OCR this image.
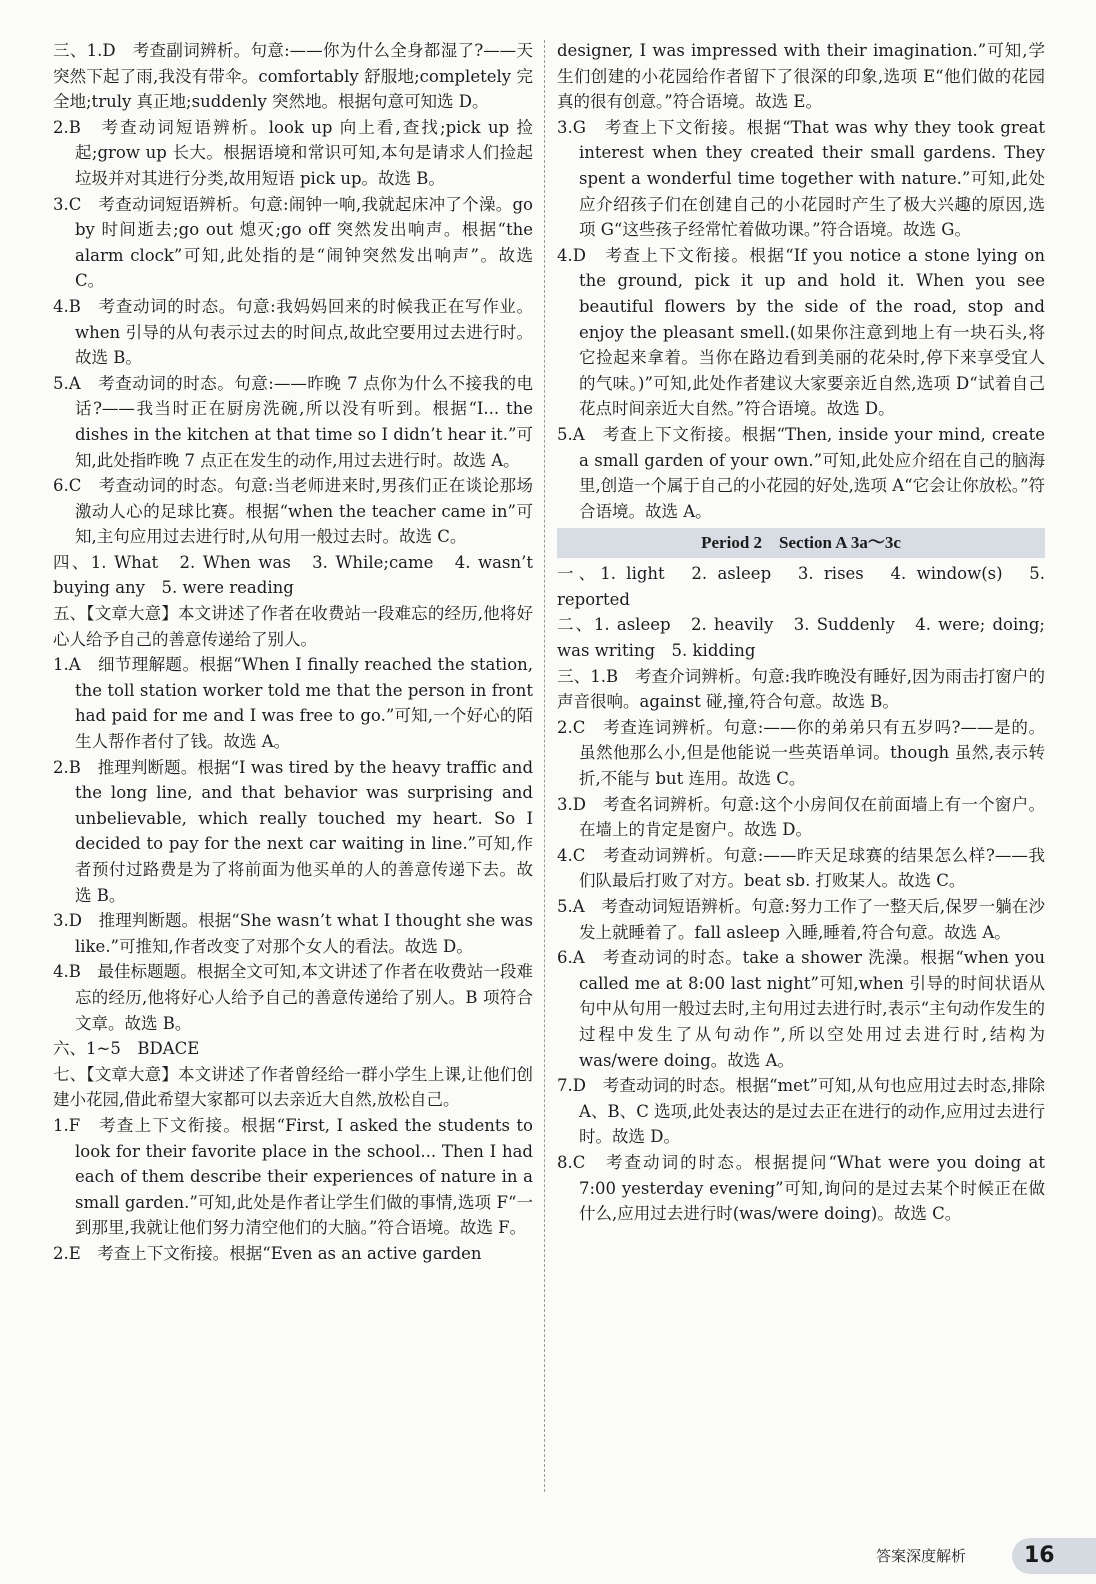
三、1.D　考查副词辨析。句意:——你为什么全身都湿了?——天突然下起了雨,我没有带伞。comfortably 舒服地;completely 完全地;truly 真正地;suddenly 突然地。根据句意可知选 D。

2.B　考查动词短语辨析。look up 向上看,查找;pick up 捡起;grow up 长大。根据语境和常识可知,本句是请求人们捡起垃圾并对其进行分类,故用短语 pick up。故选 B。

3.C　考查动词短语辨析。句意:闹钟一响,我就起床冲了个澡。go by 时间逝去;go out 熄灭;go off 突然发出响声。根据“the alarm clock”可知,此处指的是“闹钟突然发出响声”。故选 C。

4.B　考查动词的时态。句意:我妈妈回来的时候我正在写作业。when 引导的从句表示过去的时间点,故此空要用过去进行时。故选 B。

5.A　考查动词的时态。句意:——昨晚 7 点你为什么不接我的电话?——我当时正在厨房洗碗,所以没有听到。根据“I... the dishes in the kitchen at that time so I didn’t hear it.”可知,此处指昨晚 7 点正在发生的动作,用过去进行时。故选 A。

6.C　考查动词的时态。句意:当老师进来时,男孩们正在谈论那场激动人心的足球比赛。根据“when the teacher came in”可知,主句应用过去进行时,从句用一般过去时。故选 C。

四、1. What　2. When was　3. While;came　4. wasn’t buying any　5. were reading

五、【文章大意】本文讲述了作者在收费站一段难忘的经历,他将好心人给予自己的善意传递给了别人。

1.A　细节理解题。根据“When I finally reached the station, the toll station worker told me that the person in front had paid for me and I was free to go.”可知,一个好心的陌生人帮作者付了钱。故选 A。

2.B　推理判断题。根据“I was tired by the heavy traffic and the long line, and that behavior was surprising and unbelievable, which really touched my heart. So I decided to pay for the next car waiting in line.”可知,作者预付过路费是为了将前面为他买单的人的善意传递下去。故选 B。

3.D　推理判断题。根据“She wasn’t what I thought she was like.”可推知,作者改变了对那个女人的看法。故选 D。

4.B　最佳标题题。根据全文可知,本文讲述了作者在收费站一段难忘的经历,他将好心人给予自己的善意传递给了别人。B 项符合文章。故选 B。

六、1~5　BDACE

七、【文章大意】本文讲述了作者曾经给一群小学生上课,让他们创建小花园,借此希望大家都可以去亲近大自然,放松自己。

1.F　考查上下文衔接。根据“First, I asked the students to look for their favorite place in the school... Then I had each of them describe their experiences of nature in a small garden.”可知,此处是作者让学生们做的事情,选项 F“一到那里,我就让他们努力清空他们的大脑。”符合语境。故选 F。

2.E　考查上下文衔接。根据“Even as an active garden

designer, I was impressed with their imagination.”可知,学生们创建的小花园给作者留下了很深的印象,选项 E“他们做的花园真的很有创意。”符合语境。故选 E。

3.G　考查上下文衔接。根据“That was why they took great interest when they created their small gardens. They spent a wonderful time together with nature.”可知,此处应介绍孩子们在创建自己的小花园时产生了极大兴趣的原因,选项 G“这些孩子经常忙着做功课。”符合语境。故选 G。

4.D　考查上下文衔接。根据“If you notice a stone lying on the ground, pick it up and hold it. When you see beautiful flowers by the side of the road, stop and enjoy the pleasant smell.(如果你注意到地上有一块石头,将它捡起来拿着。当你在路边看到美丽的花朵时,停下来享受宜人的气味。)”可知,此处作者建议大家要亲近自然,选项 D“试着自己花点时间亲近大自然。”符合语境。故选 D。

5.A　考查上下文衔接。根据“Then, inside your mind, create a small garden of your own.”可知,此处应介绍在自己的脑海里,创造一个属于自己的小花园的好处,选项 A“它会让你放松。”符合语境。故选 A。

Period 2　Section A 3a～3c

一、1. light　2. asleep　3. rises　4. window(s)　5. reported

二、1. asleep　2. heavily　3. Suddenly　4. were; doing; was writing　5. kidding

三、1.B　考查介词辨析。句意:我昨晚没有睡好,因为雨击打窗户的声音很响。against 碰,撞,符合句意。故选 B。

2.C　考查连词辨析。句意:——你的弟弟只有五岁吗?——是的。虽然他那么小,但是他能说一些英语单词。though 虽然,表示转折,不能与 but 连用。故选 C。

3.D　考查名词辨析。句意:这个小房间仅在前面墙上有一个窗户。在墙上的肯定是窗户。故选 D。

4.C　考查动词辨析。句意:——昨天足球赛的结果怎么样?——我们队最后打败了对方。beat sb. 打败某人。故选 C。

5.A　考查动词短语辨析。句意:努力工作了一整天后,保罗一躺在沙发上就睡着了。fall asleep 入睡,睡着,符合句意。故选 A。

6.A　考查动词的时态。take a shower 洗澡。根据“when you called me at 8:00 last night”可知,when 引导的时间状语从句中从句用一般过去时,主句用过去进行时,表示“主句动作发生的过程中发生了从句动作”,所以空处用过去进行时,结构为 was/were doing。故选 A。

7.D　考查动词的时态。根据“met”可知,从句也应用过去时态,排除 A、B、C 选项,此处表达的是过去正在进行的动作,应用过去进行时。故选 D。

8.C　考查动词的时态。根据提问“What were you doing at 7:00 yesterday evening”可知,询问的是过去某个时候正在做什么,应用过去进行时(was/were doing)。故选 C。

答案深度解析	16
